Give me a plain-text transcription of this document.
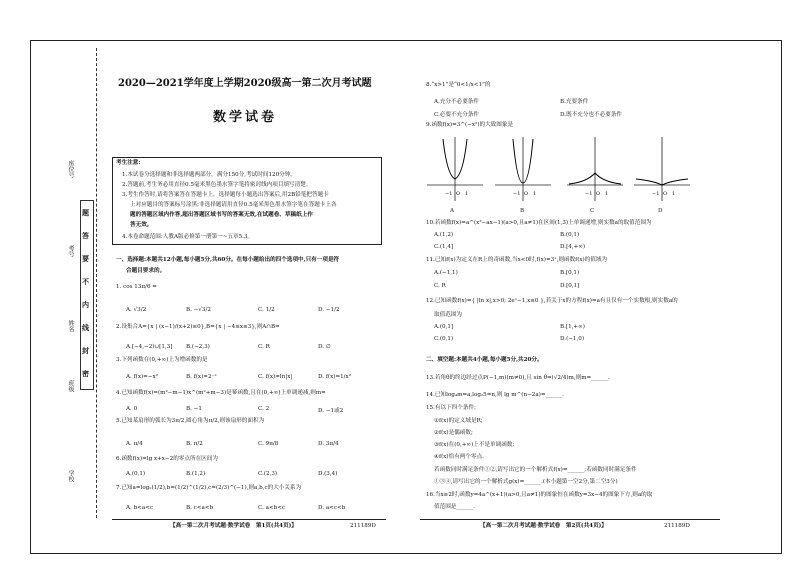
座位号
考号
姓名
班级
学校
题
答
要
不
内
线
封
密
2020—2021学年度上学期2020级高一第二次月考试题
数学试卷
考生注意:
1.本试卷分选择题和非选择题两部分。满分150分,考试时间120分钟。
2.答题前,考生务必用直径0.5毫米黑色墨水签字笔将密封线内项目填写清楚。
3.考生作答时,请将答案答在答题卡上。选择题每小题选出答案后,用2B铅笔把答题卡
上对应题目的答案标号涂黑;非选择题请用直径0.5毫米黑色墨水签字笔在答题卡上各
题的答题区域内作答,超出答题区域书写的答案无效,在试题卷、草稿纸上作
答无效。
4.本卷命题范围:人教A版必修第一册第一~五章5.3。
一、选择题:本题共12小题,每小题5分,共60分。在每小题给出的四个选项中,只有一项是符
合题目要求的。
1. cos 13π/6 =
A. √3/2	B. −√3/2	C. 1/2	D. −1/2
2.设集合A={x | (x−1)/(x+2)≤0},B={x | −4≤x≤3},则A∩B=
A.[−4,−2)∪[1,3] B.(−2,3)	C. R	D. ∅
3.下列函数在(0,+∞)上为增函数的是
A. f(x)=−x²	B. f(x)=2⁻ˣ	C. f(x)=ln|x|	D. f(x)=1/x²
4.已知函数f(x)=(m²−m−1)x^(m²+m−3)是幂函数,且在(0,+∞)上单调递减,则m=
A. 0	B. −1	C. 2	D. −1或2
5.已知某扇形的弧长为3π/2,圆心角为π/2,则该扇形的面积为
A. π/4	B. π/2	C. 9π/8	D. 3π/4
6.函数f(x)=lg x+x−2的零点所在区间为
A.(0,1)	B.(1,2)	C.(2,3)	D.(3,4)
7.已知a=log₂(1/2),b=(1/2)^(1/2),c=(2/3)^(−1),则a,b,c的大小关系为
A. b<a<c	B. c<a<b	C. a<b<c	D. a<c<b
8.“x>1”是“0<1/x<1”的
A.充分不必要条件	B.充要条件
C.必要不充分条件	D.既不充分也不必要条件
9.函数f(x)=3^(−x²)的大致图象是
A	B	C	D
10.若函数f(x)=a^(x²−ax−1)(a>0,且a≠1)在区间(1,3)上单调递增,则实数a的取值范围为
A.(1,2)	B.(0,1)
C.(1,4]	D.[4,+∞)
11.已知f(x)为定义在R上的奇函数,当x<0时,f(x)=3ˣ,则函数f(x)的值域为
A.(−1,1)	B.[0,1)
C. R	D.[0,1]
12.已知函数f(x)={ |ln x|,x>0; 2eˣ−1,x≤0 },若关于x的方程f(x)=a有且仅有一个实数根,则实数a的
取值范围为
A.(0,1]	B.[1,+∞)
C.(0,1)	D.(−1,0)
−1 O 1	−1 O 1	−1 O 1	−1 O 1
二、填空题:本题共4小题,每小题5分,共20分。
13.若角θ的终边经过点P(−1,m)(m≠0),且 sin θ=(√2/4)m,则m=______.
14.已知log₄m=a,log₂5=n,则 lg m^(n−2a)=______.
15.有以下四个条件:
①f(x)的定义域是R;
②f(x)是偶函数;
③f(x)在(0,+∞)上不是单调函数;
④f(x)恰有两个零点.
若函数同时满足条件①②,请写出它的一个解析式f(x)=______;若函数同时满足条件
①③④,请写出它的一个解析式g(x)=______.(本小题第一空2分,第二空3分)
16.当x≥2时,函数y=4a^(x+1)(a>0,且a≠1)的图象恒在函数y=3x−4的图象下方,则a的取
值范围是______.
【高一第二次月考试题·数学试卷　第1页(共4页)】	211189D	【高一第二次月考试题·数学试卷　第2页(共4页)】	211189D
